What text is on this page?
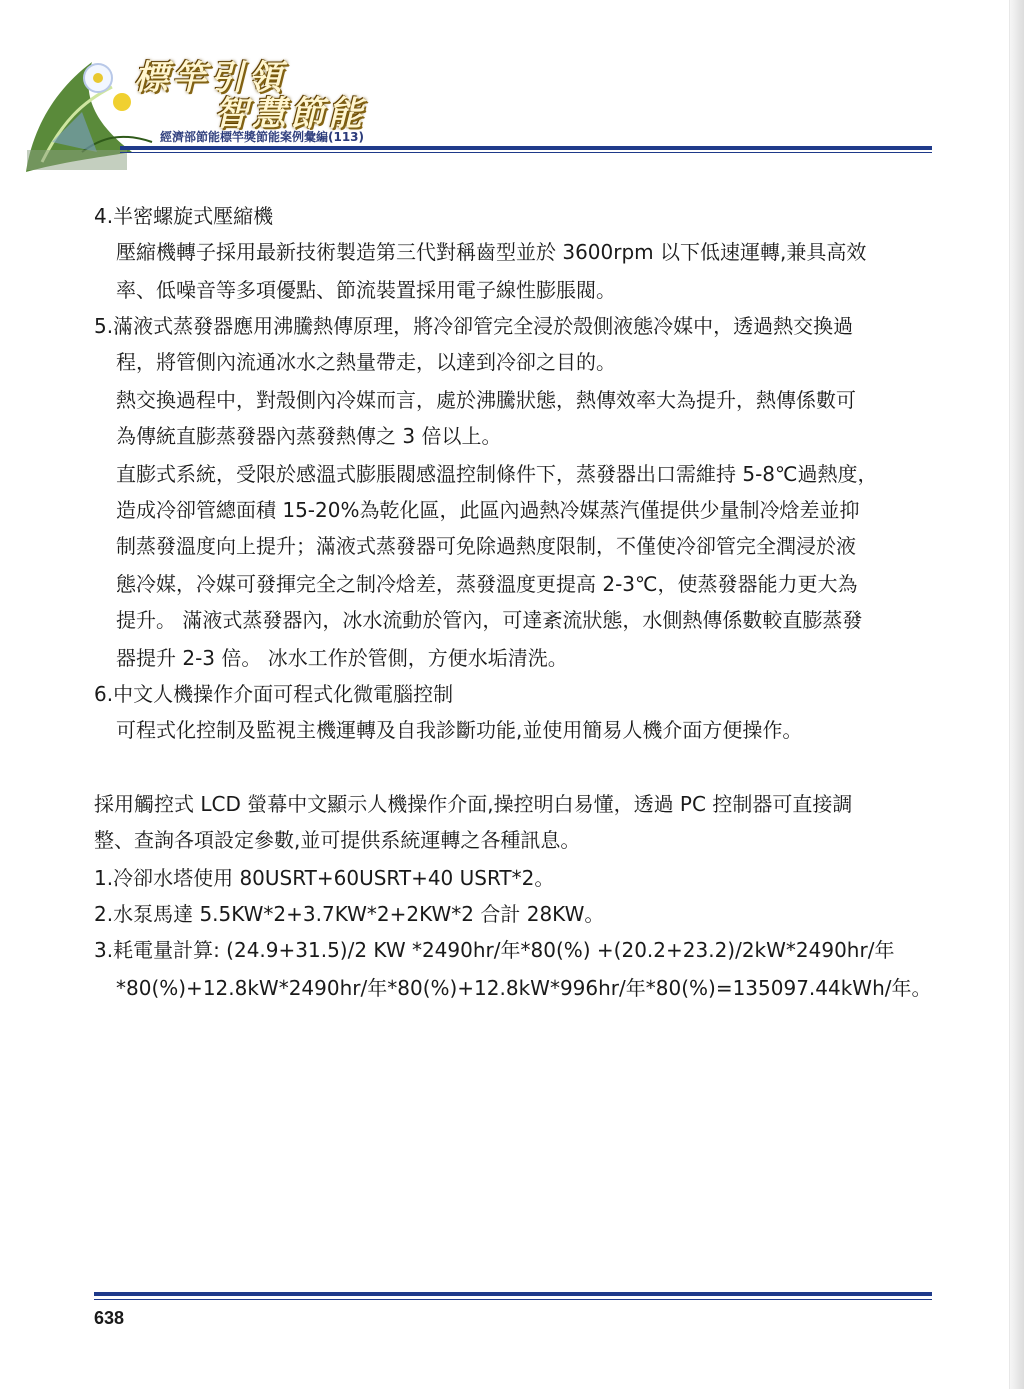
標竿引領
智慧節能
經濟部節能標竿獎節能案例彙編(113)
4.半密螺旋式壓縮機
壓縮機轉子採用最新技術製造第三代對稱齒型並於 3600rpm 以下低速運轉,兼具高效
率、低噪音等多項優點、節流裝置採用電子線性膨脹閥。
5.滿液式蒸發器應用沸騰熱傳原理，將冷卻管完全浸於殼側液態冷媒中，透過熱交換過
程，將管側內流通冰水之熱量帶走，以達到冷卻之目的。
熱交換過程中，對殼側內冷媒而言，處於沸騰狀態，熱傳效率大為提升，熱傳係數可
為傳統直膨蒸發器內蒸發熱傳之 3 倍以上。
直膨式系統，受限於感溫式膨脹閥感溫控制條件下，蒸發器出口需維持 5-8℃過熱度，
造成冷卻管總面積 15-20%為乾化區，此區內過熱冷媒蒸汽僅提供少量制冷焓差並抑
制蒸發溫度向上提升；滿液式蒸發器可免除過熱度限制，不僅使冷卻管完全潤浸於液
態冷媒，冷媒可發揮完全之制冷焓差，蒸發溫度更提高 2-3℃，使蒸發器能力更大為
提升。 滿液式蒸發器內，冰水流動於管內，可達紊流狀態，水側熱傳係數較直膨蒸發
器提升 2-3 倍。 冰水工作於管側，方便水垢清洗。
6.中文人機操作介面可程式化微電腦控制
可程式化控制及監視主機運轉及自我診斷功能,並使用簡易人機介面方便操作。
採用觸控式 LCD 螢幕中文顯示人機操作介面,操控明白易懂，透過 PC 控制器可直接調
整、查詢各項設定參數,並可提供系統運轉之各種訊息。
1.冷卻水塔使用 80USRT+60USRT+40 USRT*2。
2.水泵馬達 5.5KW*2+3.7KW*2+2KW*2 合計 28KW。
3.耗電量計算: (24.9+31.5)/2 KW *2490hr/年*80(%) +(20.2+23.2)/2kW*2490hr/年
*80(%)+12.8kW*2490hr/年*80(%)+12.8kW*996hr/年*80(%)=135097.44kWh/年。
638
